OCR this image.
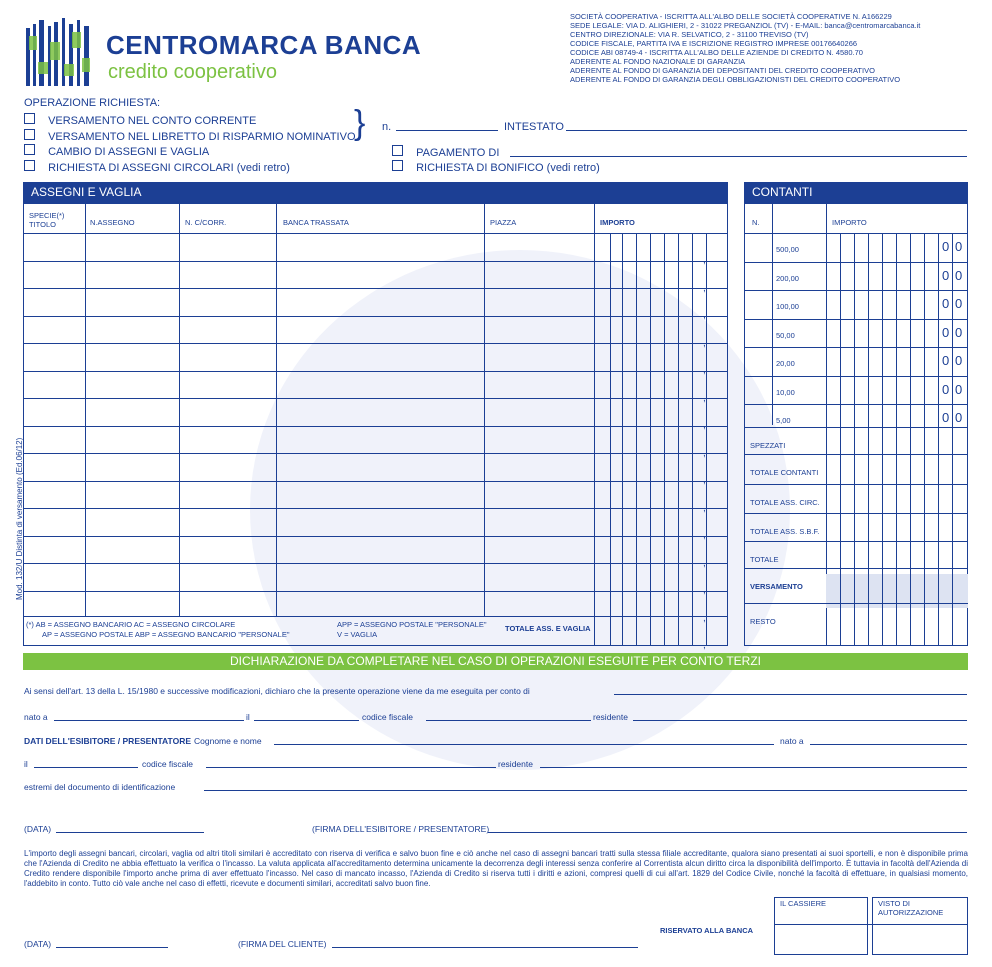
CENTROMARCA BANCA
credito cooperativo
SOCIETÀ COOPERATIVA - ISCRITTA ALL'ALBO DELLE SOCIETÀ COOPERATIVE N. A166229
SEDE LEGALE: VIA D. ALIGHIERI, 2 - 31022 PREGANZIOL (TV) - E-MAIL: banca@centromarcabanca.it
CENTRO DIREZIONALE: VIA R. SELVATICO, 2 - 31100 TREVISO (TV)
CODICE FISCALE, PARTITA IVA E ISCRIZIONE REGISTRO IMPRESE 00176640266
CODICE ABI 08749-4 - ISCRITTA ALL'ALBO DELLE AZIENDE DI CREDITO N. 4580.70
ADERENTE AL FONDO NAZIONALE DI GARANZIA
ADERENTE AL FONDO DI GARANZIA DEI DEPOSITANTI DEL CREDITO COOPERATIVO
ADERENTE AL FONDO DI GARANZIA DEGLI OBBLIGAZIONISTI DEL CREDITO COOPERATIVO
OPERAZIONE RICHIESTA:
VERSAMENTO NEL CONTO CORRENTE
VERSAMENTO NEL LIBRETTO DI RISPARMIO NOMINATIVO
CAMBIO DI ASSEGNI E VAGLIA
RICHIESTA DI ASSEGNI CIRCOLARI (vedi retro)
} n.	INTESTATO
PAGAMENTO DI
RICHIESTA DI BONIFICO (vedi retro)
ASSEGNI E VAGLIA
SPECIE(*) TITOLO	N.ASSEGNO	N. C/CORR.	BANCA TRASSATA	PIAZZA	IMPORTO
,
,
,
,
,
,
,
,
,
,
,
,
,
,
,
Mod. 132/U Distinta di versamento (Ed.06/12)
(*) AB = ASSEGNO BANCARIO AC = ASSEGNO CIRCOLARE
AP = ASSEGNO POSTALE ABP = ASSEGNO BANCARIO "PERSONALE"
APP = ASSEGNO POSTALE "PERSONALE"
V = VAGLIA
TOTALE ASS. E VAGLIA
CONTANTI
N.	IMPORTO
500,00	0 0
200,00	0 0
100,00	0 0
50,00	0 0
20,00	0 0
10,00	0 0
5,00	0 0
SPEZZATI
TOTALE CONTANTI
TOTALE ASS. CIRC.
TOTALE ASS. S.B.F.
TOTALE
VERSAMENTO
RESTO
DICHIARAZIONE DA COMPLETARE NEL CASO DI OPERAZIONI ESEGUITE PER CONTO TERZI
Ai sensi dell'art. 13 della L. 15/1980 e successive modificazioni, dichiaro che la presente operazione viene da me eseguita per conto di
nato a	il	codice fiscale	residente
DATI DELL'ESIBITORE / PRESENTATORE Cognome e nome	nato a
il	codice fiscale	residente
estremi del documento di identificazione
(DATA)	(FIRMA DELL'ESIBITORE / PRESENTATORE)
L'importo degli assegni bancari, circolari, vaglia od altri titoli similari è accreditato con riserva di verifica e salvo buon fine e ciò anche nel caso di assegni bancari tratti sulla stessa filiale accreditante, qualora siano presentati ai suoi sportelli, e non è disponibile prima che l'Azienda di Credito ne abbia effettuato la verifica o l'incasso. La valuta applicata all'accreditamento determina unicamente la decorrenza degli interessi senza conferire al Correntista alcun diritto circa la disponibilità dell'importo. È tuttavia in facoltà dell'Azienda di Credito rendere disponibile l'importo anche prima di aver effettuato l'incasso. Nel caso di mancato incasso, l'Azienda di Credito si riserva tutti i diritti e azioni, compresi quelli di cui all'art. 1829 del Codice Civile, nonché la facoltà di effettuare, in qualsiasi momento, l'addebito in conto. Tutto ciò vale anche nel caso di effetti, ricevute e documenti similari, accreditati salvo buon fine.
(DATA)	(FIRMA DEL CLIENTE)
RISERVATO ALLA BANCA
IL CASSIERE	VISTO DI AUTORIZZAZIONE
